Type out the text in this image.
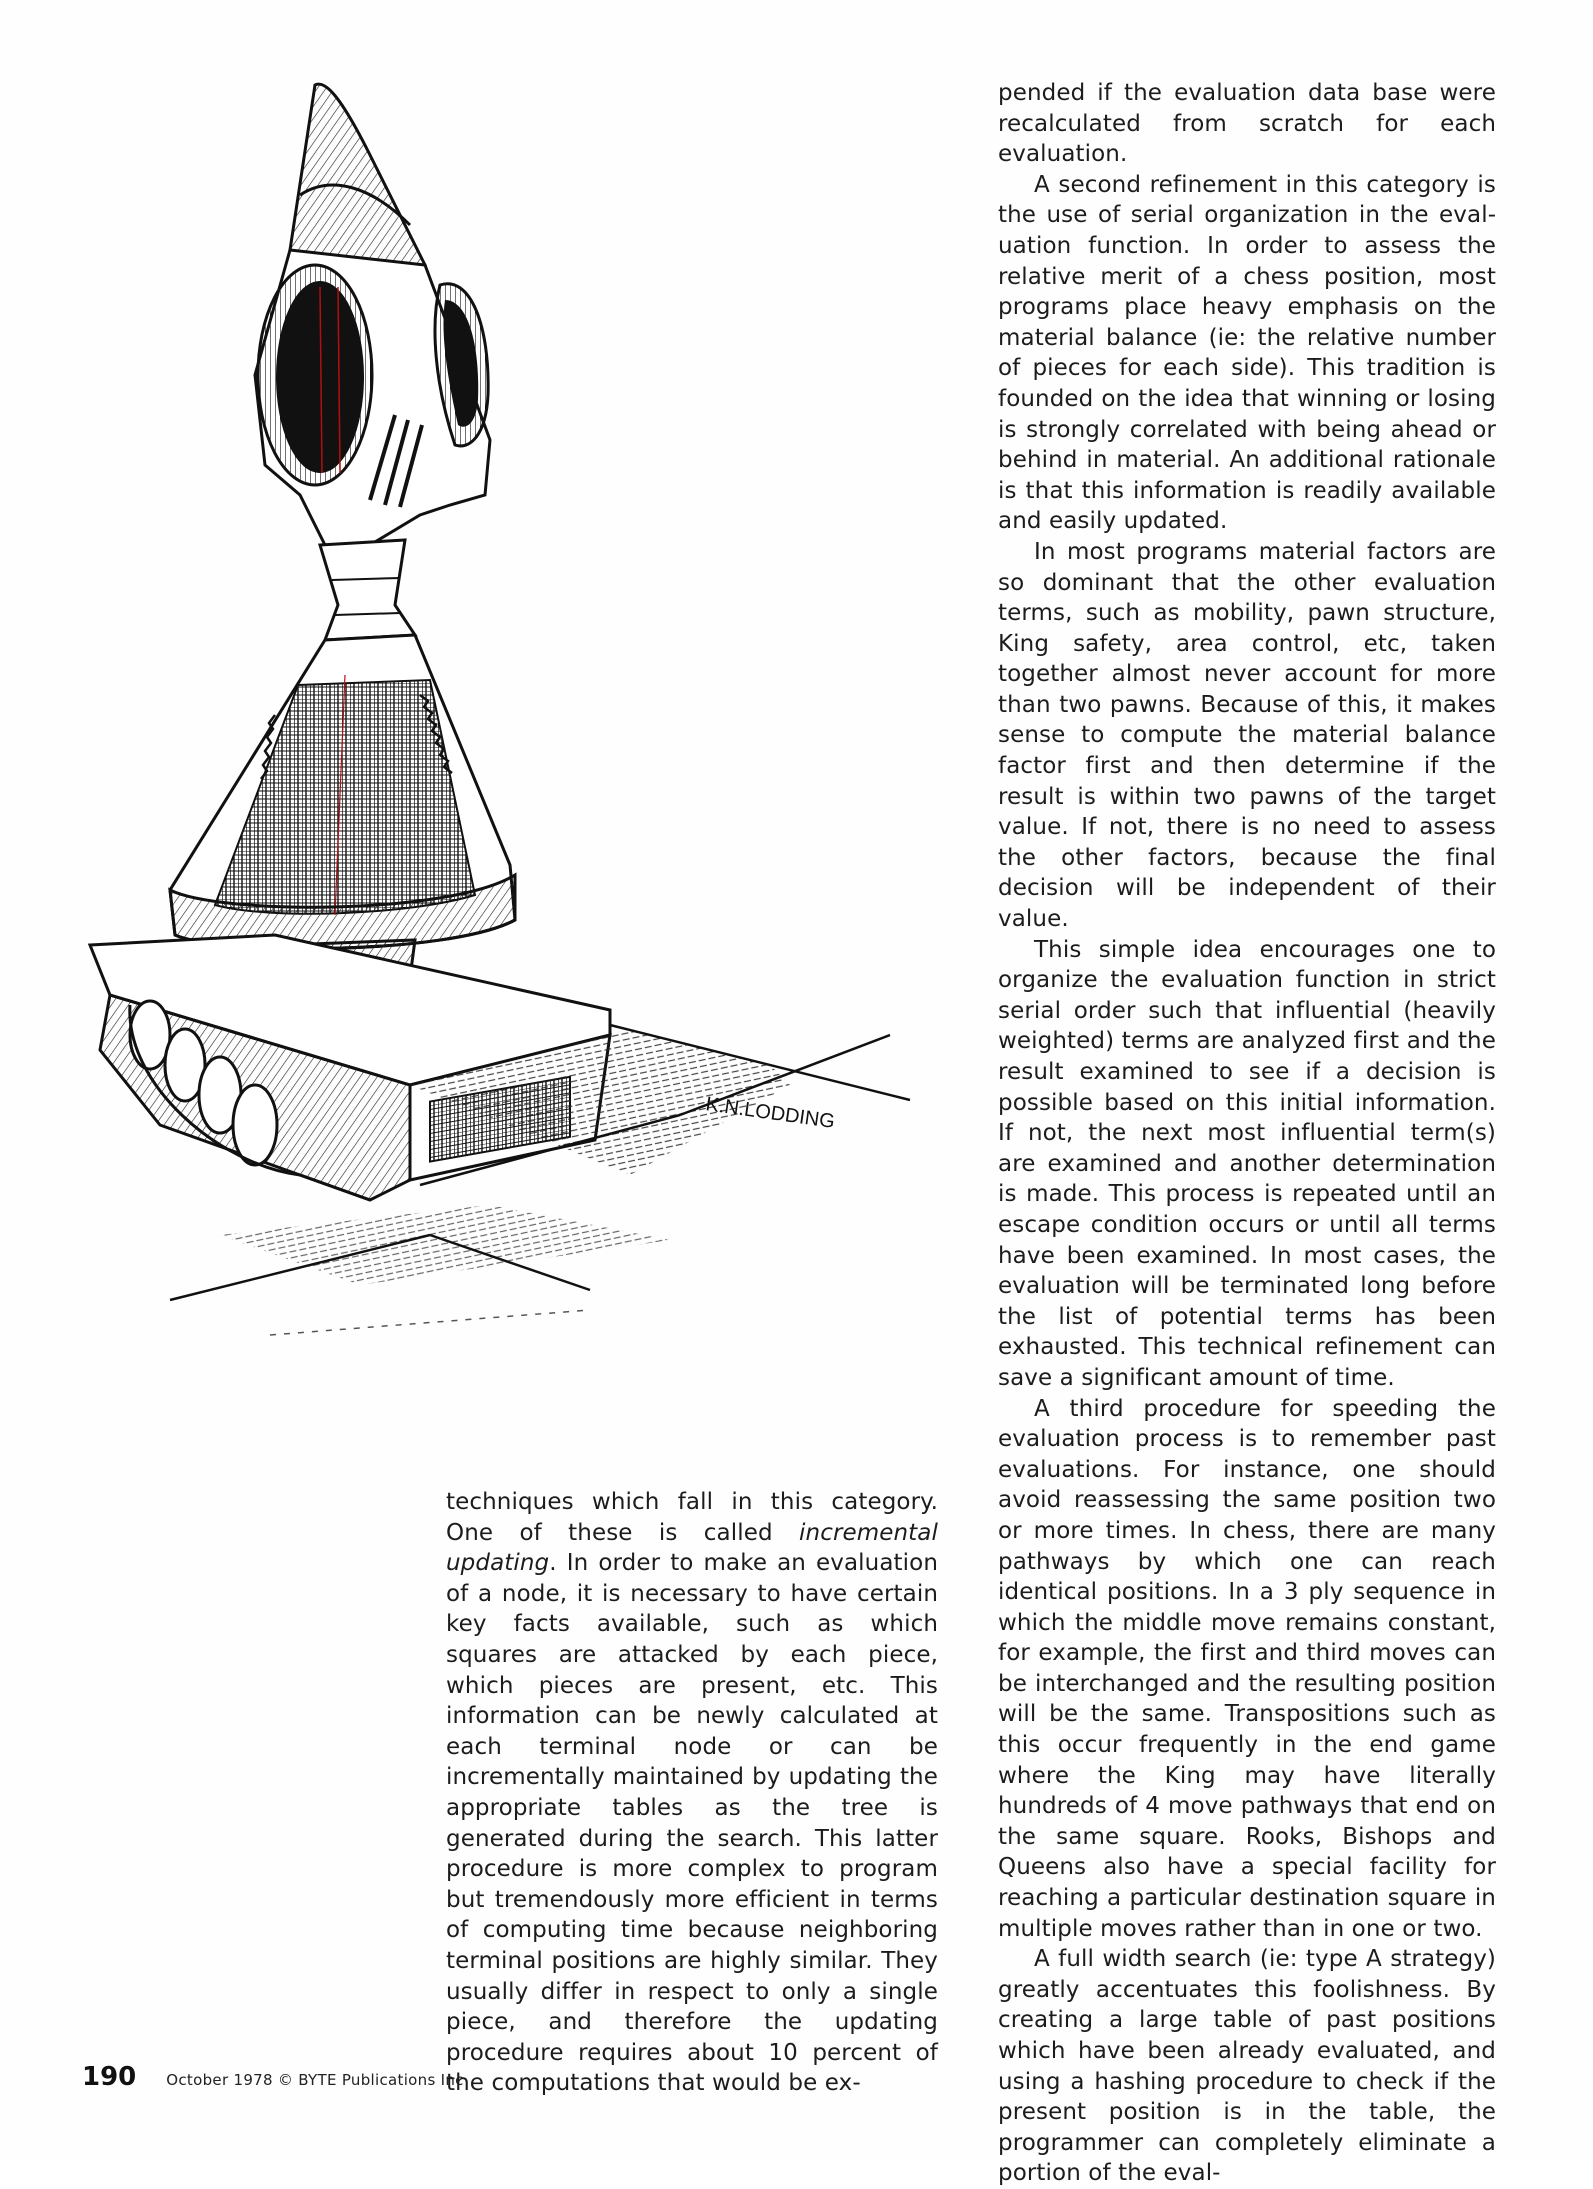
K.N.LODDING

techniques which fall in this category. One of these is called incremental updating. In order to make an evaluation of a node, it is necessary to have certain key facts available, such as which squares are attacked by each piece, which pieces are present, etc. This information can be newly calculated at each terminal node or can be incrementally maintained by updating the appropriate tables as the tree is generated during the search. This latter procedure is more complex to program but tremendously more efficient in terms of computing time because neighboring terminal positions are highly similar. They usually differ in respect to only a single piece, and therefore the updating procedure requires about 10 percent of the computations that would be ex-

pended if the evaluation data base were recalculated from scratch for each evaluation.

A second refinement in this category is the use of serial organization in the evaluation function. In order to assess the relative merit of a chess position, most programs place heavy emphasis on the material balance (ie: the relative number of pieces for each side). This tradition is founded on the idea that winning or losing is strongly correlated with being ahead or behind in material. An additional rationale is that this information is readily available and easily updated.

In most programs material factors are so dominant that the other evaluation terms, such as mobility, pawn structure, King safety, area control, etc, taken together almost never account for more than two pawns. Because of this, it makes sense to compute the material balance factor first and then determine if the result is within two pawns of the target value. If not, there is no need to assess the other factors, because the final decision will be independent of their value.

This simple idea encourages one to organize the evaluation function in strict serial order such that influential (heavily weighted) terms are analyzed first and the result examined to see if a decision is possible based on this initial information. If not, the next most influential term(s) are examined and another determination is made. This process is repeated until an escape condition occurs or until all terms have been examined. In most cases, the evaluation will be terminated long before the list of potential terms has been exhausted. This technical refinement can save a significant amount of time.

A third procedure for speeding the evaluation process is to remember past evaluations. For instance, one should avoid reassessing the same position two or more times. In chess, there are many pathways by which one can reach identical positions. In a 3 ply sequence in which the middle move remains constant, for example, the first and third moves can be interchanged and the resulting position will be the same. Transpositions such as this occur frequently in the end game where the King may have literally hundreds of 4 move pathways that end on the same square. Rooks, Bishops and Queens also have a special facility for reaching a particular destination square in multiple moves rather than in one or two.

A full width search (ie: type A strategy) greatly accentuates this foolishness. By creating a large table of past positions which have been already evaluated, and using a hashing procedure to check if the present position is in the table, the programmer can completely eliminate a portion of the eval-

190 October 1978 © BYTE Publications Inc
